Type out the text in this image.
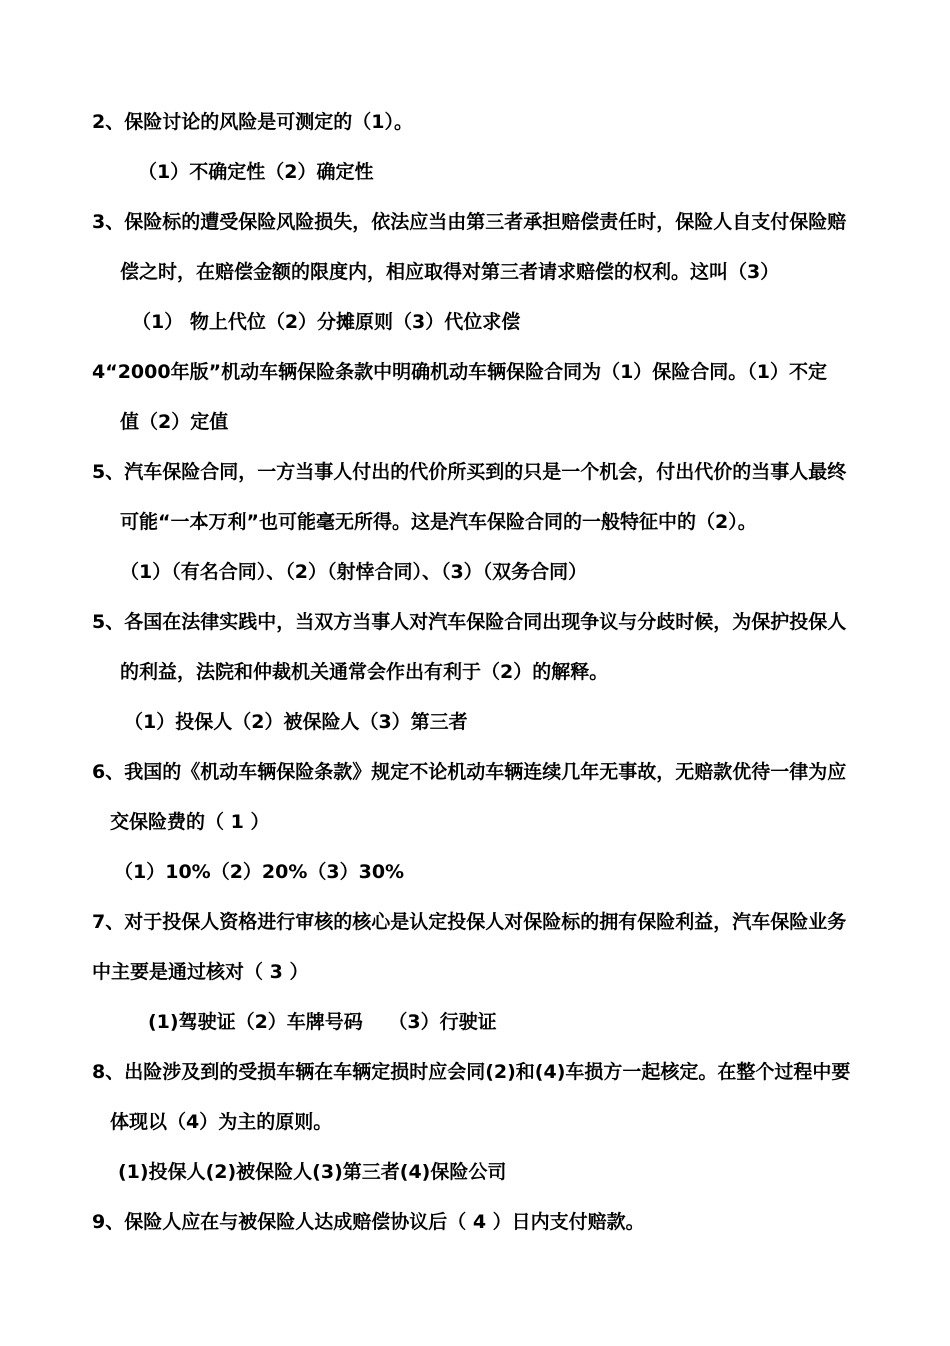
2、保险讨论的风险是可测定的（1）。
（1）不确定性（2）确定性
3、保险标的遭受保险风险损失，依法应当由第三者承担赔偿责任时，保险人自支付保险赔
偿之时，在赔偿金额的限度内，相应取得对第三者请求赔偿的权利。这叫（3）
（1） 物上代位（2）分摊原则（3）代位求偿
4“2000年版”机动车辆保险条款中明确机动车辆保险合同为（1）保险合同。（1）不定
值（2）定值
5、汽车保险合同，一方当事人付出的代价所买到的只是一个机会，付出代价的当事人最终
可能“一本万利”也可能毫无所得。这是汽车保险合同的一般特征中的（2）。
（1）（有名合同）、（2）（射悻合同）、（3）（双务合同）
5、各国在法律实践中，当双方当事人对汽车保险合同出现争议与分歧时候，为保护投保人
的利益，法院和仲裁机关通常会作出有利于（2）的解释。
（1）投保人（2）被保险人（3）第三者
6、我国的《机动车辆保险条款》规定不论机动车辆连续几年无事故，无赔款优待一律为应
交保险费的（ 1 ）
（1）10%（2）20%（3）30%
7、对于投保人资格进行审核的核心是认定投保人对保险标的拥有保险利益，汽车保险业务
中主要是通过核对（ 3 ）
(1)驾驶证（2）车牌号码　 （3）行驶证
8、出险涉及到的受损车辆在车辆定损时应会同(2)和(4)车损方一起核定。在整个过程中要
体现以（4）为主的原则。
(1)投保人(2)被保险人(3)第三者(4)保险公司
9、保险人应在与被保险人达成赔偿协议后（ 4 ）日内支付赔款。
